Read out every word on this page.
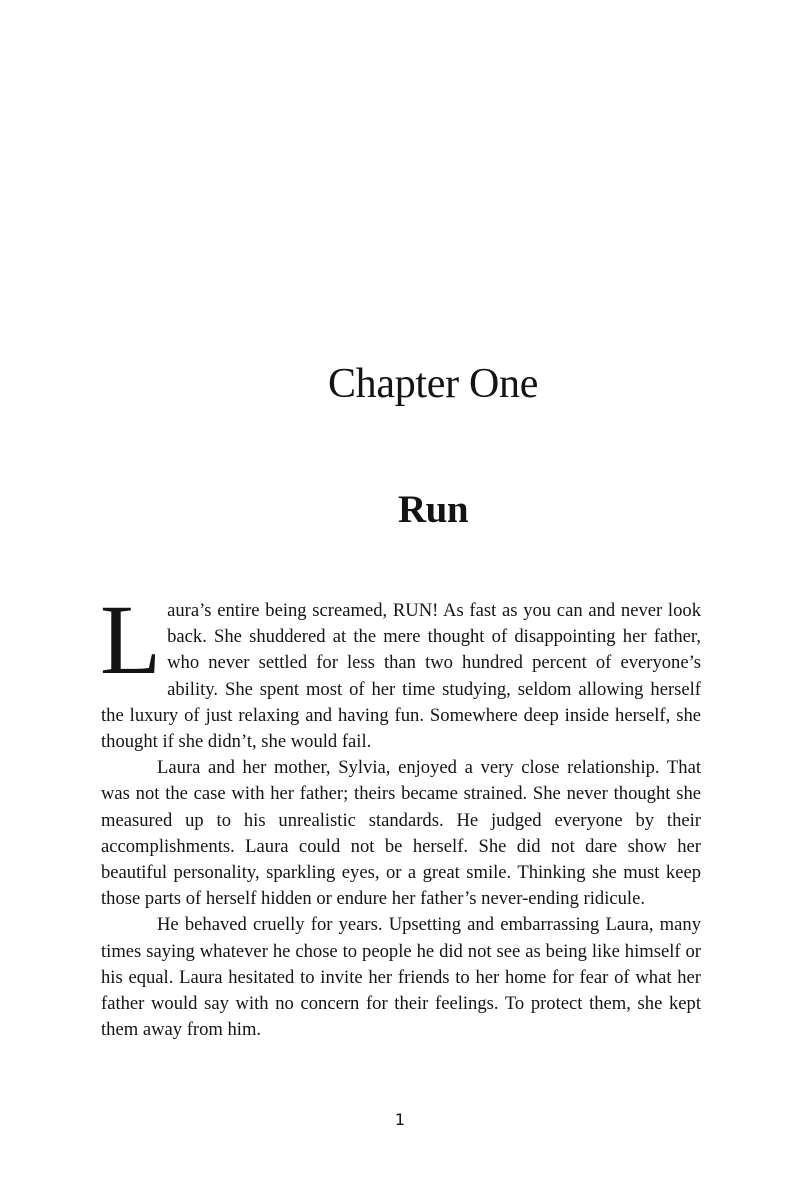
Chapter One
Run

Laura’s entire being screamed, RUN! As fast as you can and never look back. She shuddered at the mere thought of disappointing her father, who never settled for less than two hundred percent of everyone’s ability. She spent most of her time studying, seldom allowing herself the luxury of just relaxing and having fun. Somewhere deep inside herself, she thought if she didn’t, she would fail.

Laura and her mother, Sylvia, enjoyed a very close relationship. That was not the case with her father; theirs became strained. She never thought she measured up to his unrealistic standards. He judged everyone by their accomplishments. Laura could not be herself. She did not dare show her beautiful personality, sparkling eyes, or a great smile. Thinking she must keep those parts of herself hidden or endure her father’s never-ending ridicule.

He behaved cruelly for years. Upsetting and embarrassing Laura, many times saying whatever he chose to people he did not see as being like himself or his equal. Laura hesitated to invite her friends to her home for fear of what her father would say with no concern for their feelings. To protect them, she kept them away from him.

1
